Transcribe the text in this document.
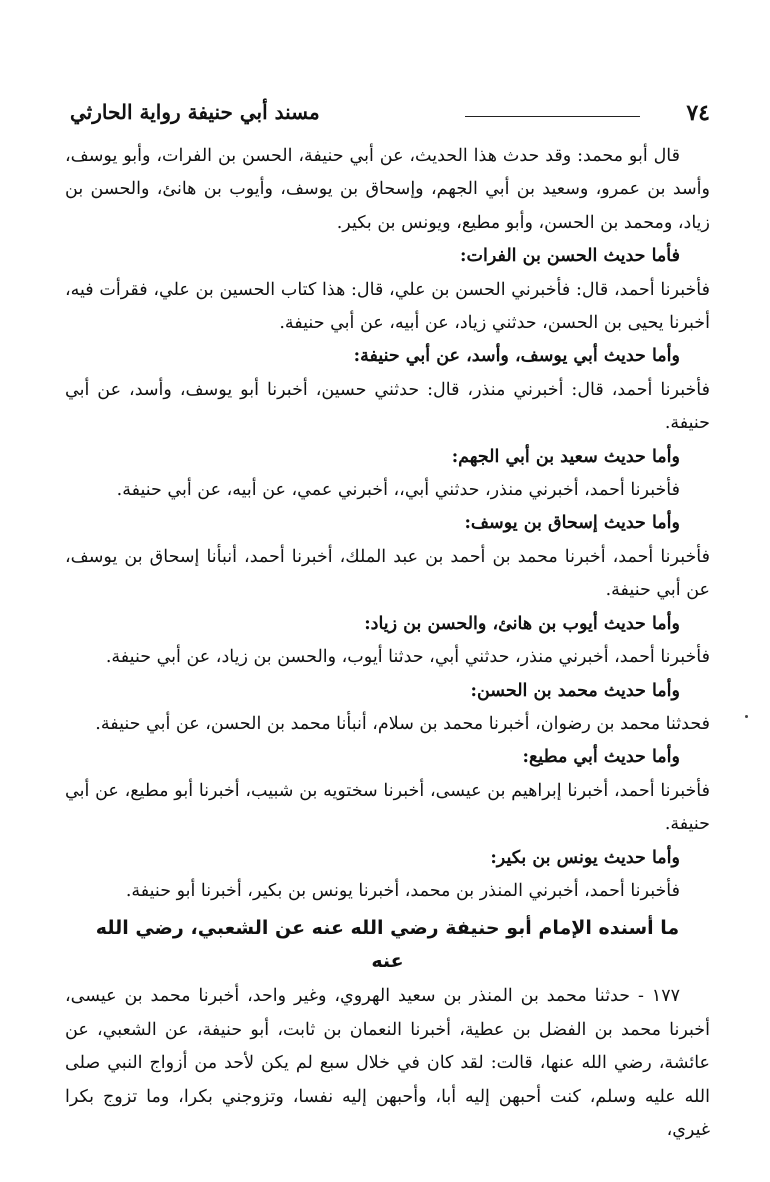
٧٤
مسند أبي حنيفة رواية الحارثي

قال أبو محمد: وقد حدث هذا الحديث، عن أبي حنيفة، الحسن بن الفرات، وأبو يوسف، وأسد بن عمرو، وسعيد بن أبي الجهم، وإسحاق بن يوسف، وأيوب بن هانئ، والحسن بن زياد، ومحمد بن الحسن، وأبو مطيع، ويونس بن بكير.

فأما حديث الحسن بن الفرات:

فأخبرنا أحمد، قال: فأخبرني الحسن بن علي، قال: هذا كتاب الحسين بن علي، فقرأت فيه، أخبرنا يحيى بن الحسن، حدثني زياد، عن أبيه، عن أبي حنيفة.

وأما حديث أبي يوسف، وأسد، عن أبي حنيفة:

فأخبرنا أحمد، قال: أخبرني منذر، قال: حدثني حسين، أخبرنا أبو يوسف، وأسد، عن أبي حنيفة.

وأما حديث سعيد بن أبي الجهم:

فأخبرنا أحمد، أخبرني منذر، حدثني أبي،، أخبرني عمي، عن أبيه، عن أبي حنيفة.

وأما حديث إسحاق بن يوسف:

فأخبرنا أحمد، أخبرنا محمد بن أحمد بن عبد الملك، أخبرنا أحمد، أنبأنا إسحاق بن يوسف، عن أبي حنيفة.

وأما حديث أيوب بن هانئ، والحسن بن زياد:

فأخبرنا أحمد، أخبرني منذر، حدثني أبي، حدثنا أيوب، والحسن بن زياد، عن أبي حنيفة.

وأما حديث محمد بن الحسن:

فحدثنا محمد بن رضوان، أخبرنا محمد بن سلام، أنبأنا محمد بن الحسن، عن أبي حنيفة.

وأما حديث أبي مطيع:

فأخبرنا أحمد، أخبرنا إبراهيم بن عيسى، أخبرنا سختويه بن شبيب، أخبرنا أبو مطيع، عن أبي حنيفة.

وأما حديث يونس بن بكير:

فأخبرنا أحمد، أخبرني المنذر بن محمد، أخبرنا يونس بن بكير، أخبرنا أبو حنيفة.

ما أسنده الإمام أبو حنيفة رضي الله عنه عن الشعبي، رضي الله عنه

١٧٧ - حدثنا محمد بن المنذر بن سعيد الهروي، وغير واحد، أخبرنا محمد بن عيسى، أخبرنا محمد بن الفضل بن عطية، أخبرنا النعمان بن ثابت، أبو حنيفة، عن الشعبي، عن عائشة، رضي الله عنها، قالت: لقد كان في خلال سبع لم يكن لأحد من أزواج النبي صلى الله عليه وسلم، كنت أحبهن إليه أبا، وأحبهن إليه نفسا، وتزوجني بكرا، وما تزوج بكرا غيري،
